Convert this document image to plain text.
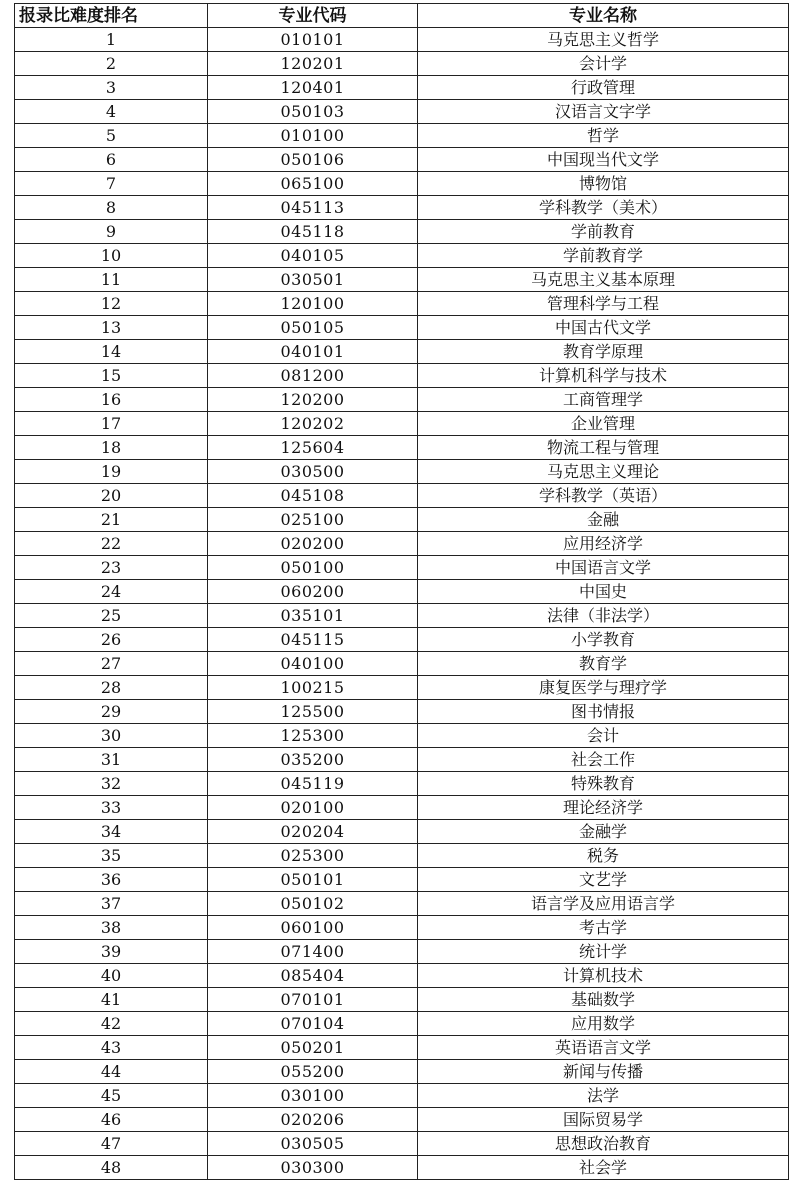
报录比难度排名	专业代码	专业名称
1	010101	马克思主义哲学
2	120201	会计学
3	120401	行政管理
4	050103	汉语言文字学
5	010100	哲学
6	050106	中国现当代文学
7	065100	博物馆
8	045113	学科教学（美术）
9	045118	学前教育
10	040105	学前教育学
11	030501	马克思主义基本原理
12	120100	管理科学与工程
13	050105	中国古代文学
14	040101	教育学原理
15	081200	计算机科学与技术
16	120200	工商管理学
17	120202	企业管理
18	125604	物流工程与管理
19	030500	马克思主义理论
20	045108	学科教学（英语）
21	025100	金融
22	020200	应用经济学
23	050100	中国语言文学
24	060200	中国史
25	035101	法律（非法学）
26	045115	小学教育
27	040100	教育学
28	100215	康复医学与理疗学
29	125500	图书情报
30	125300	会计
31	035200	社会工作
32	045119	特殊教育
33	020100	理论经济学
34	020204	金融学
35	025300	税务
36	050101	文艺学
37	050102	语言学及应用语言学
38	060100	考古学
39	071400	统计学
40	085404	计算机技术
41	070101	基础数学
42	070104	应用数学
43	050201	英语语言文学
44	055200	新闻与传播
45	030100	法学
46	020206	国际贸易学
47	030505	思想政治教育
48	030300	社会学
